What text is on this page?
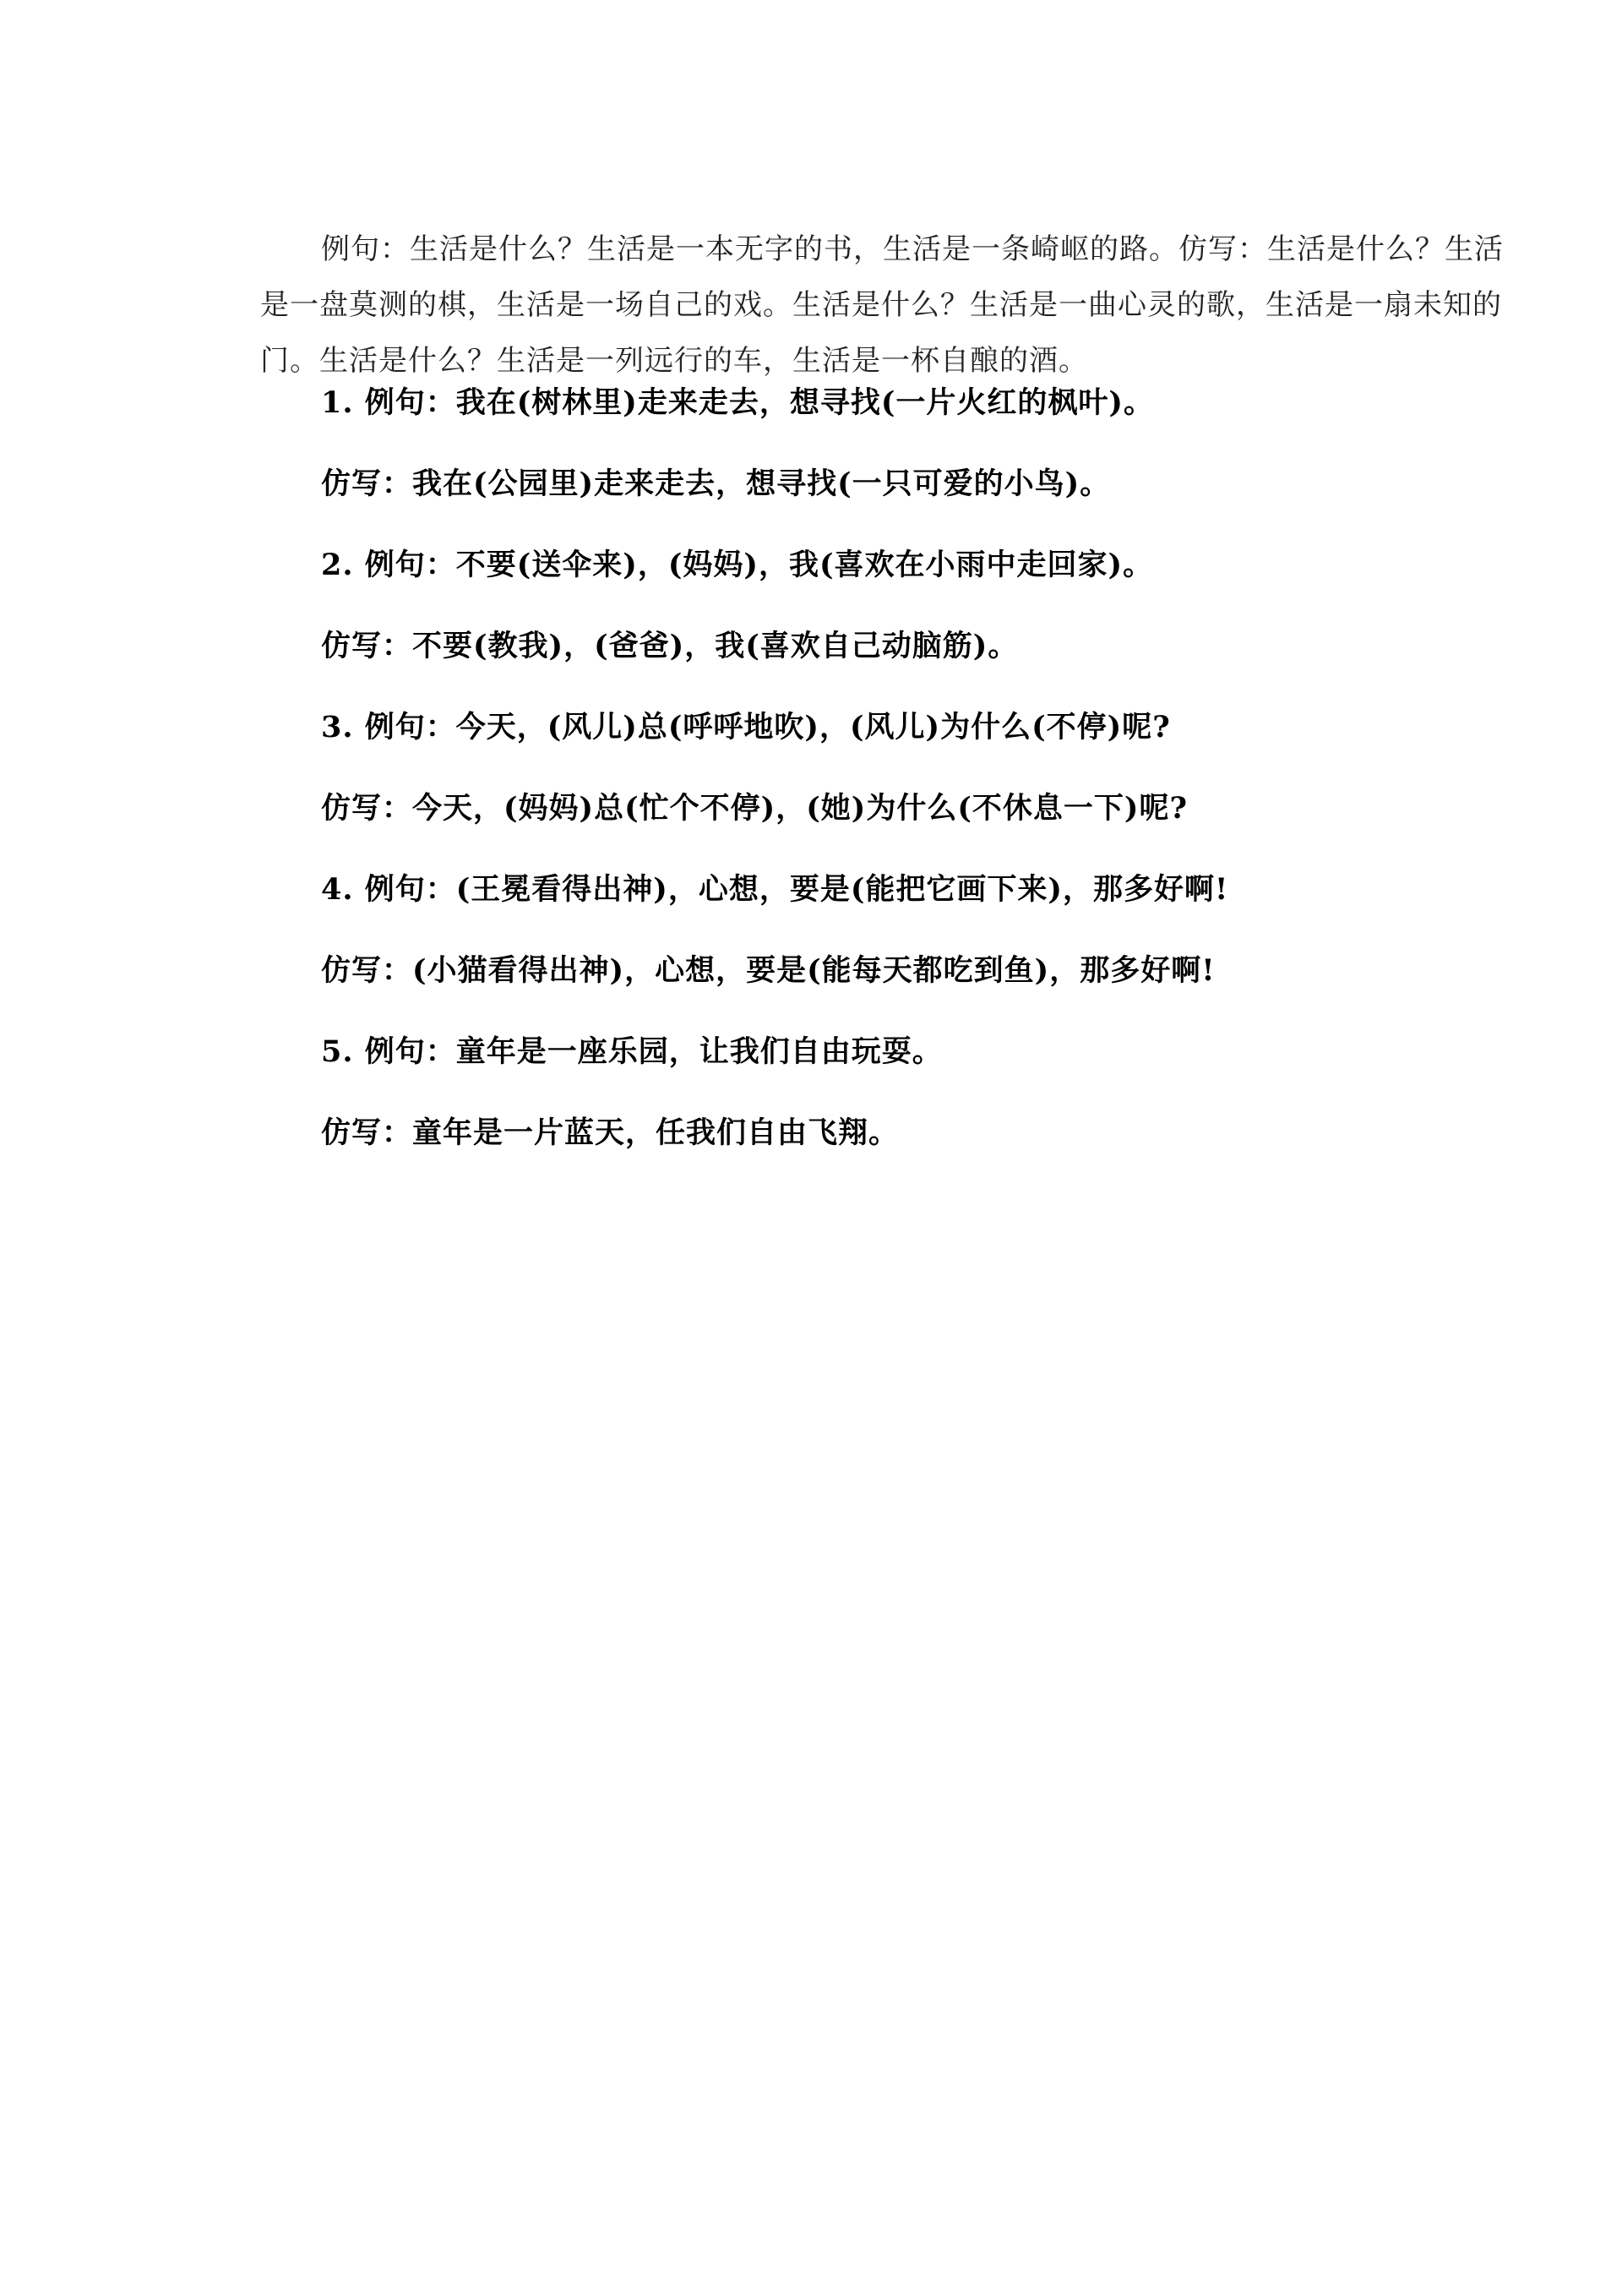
例句：生活是什么？生活是一本无字的书，生活是一条崎岖的路。仿写：生活是什么？生活是一盘莫测的棋，生活是一场自己的戏。生活是什么？生活是一曲心灵的歌，生活是一扇未知的门。生活是什么？生活是一列远行的车，生活是一杯自酿的酒。

1. 例句：我在(树林里)走来走去，想寻找(一片火红的枫叶)。
仿写：我在(公园里)走来走去，想寻找(一只可爱的小鸟)。
2. 例句：不要(送伞来)，(妈妈)，我(喜欢在小雨中走回家)。
仿写：不要(教我)，(爸爸)，我(喜欢自己动脑筋)。
3. 例句：今天，(风儿)总(呼呼地吹)，(风儿)为什么(不停)呢?
仿写：今天，(妈妈)总(忙个不停)，(她)为什么(不休息一下)呢?
4. 例句：(王冕看得出神)，心想，要是(能把它画下来)，那多好啊!
仿写：(小猫看得出神)，心想，要是(能每天都吃到鱼)，那多好啊!
5. 例句：童年是一座乐园，让我们自由玩耍。
仿写：童年是一片蓝天，任我们自由飞翔。
